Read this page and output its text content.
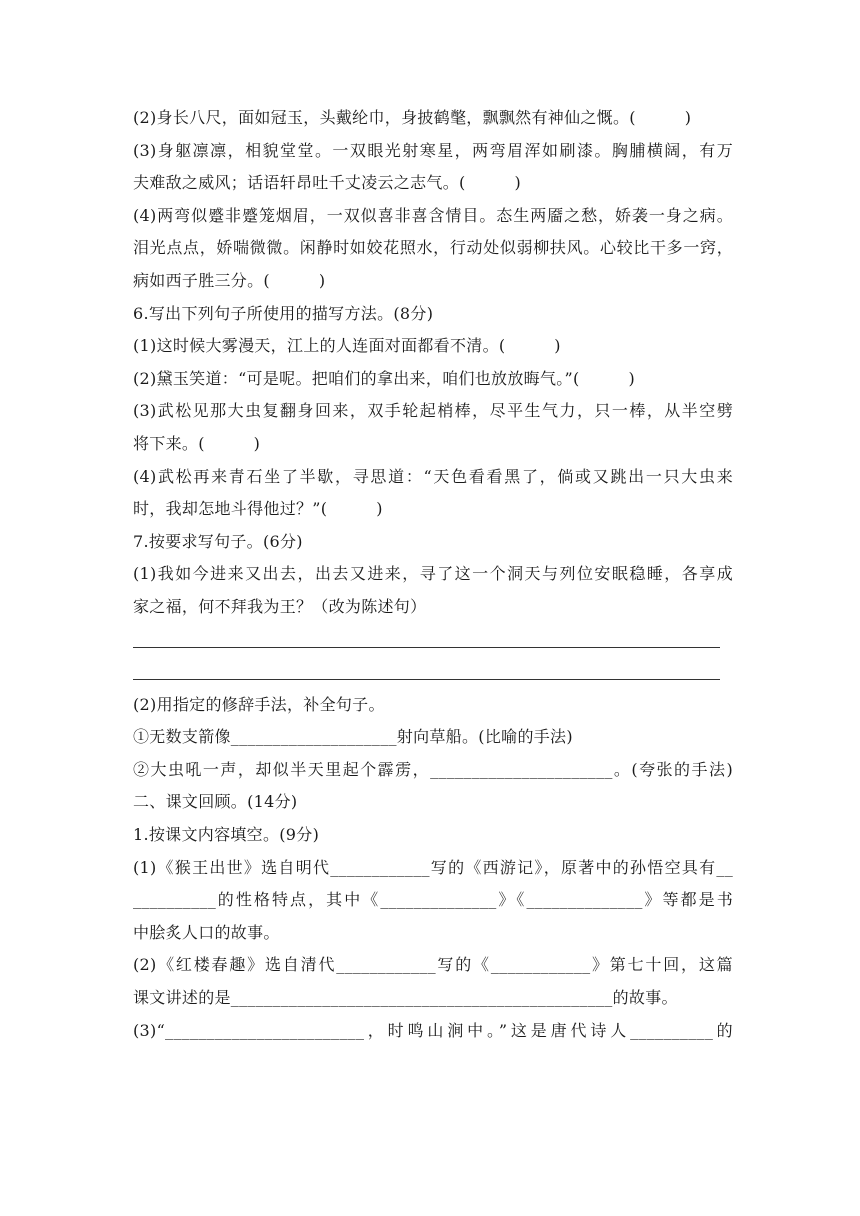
(2)身长八尺，面如冠玉，头戴纶巾，身披鹤氅，飘飘然有神仙之慨。(　　　)
(3)身躯凛凛，相貌堂堂。一双眼光射寒星，两弯眉浑如刷漆。胸脯横阔，有万
夫难敌之威风；话语轩昂吐千丈凌云之志气。(　　　)
(4)两弯似蹙非蹙笼烟眉，一双似喜非喜含情目。态生两靥之愁，娇袭一身之病。
泪光点点，娇喘微微。闲静时如姣花照水，行动处似弱柳扶风。心较比干多一窍，
病如西子胜三分。(　　　)
6.写出下列句子所使用的描写方法。(8分)
(1)这时候大雾漫天，江上的人连面对面都看不清。(　　　)
(2)黛玉笑道：“可是呢。把咱们的拿出来，咱们也放放晦气。”(　　　)
(3)武松见那大虫复翻身回来，双手轮起梢棒，尽平生气力，只一棒，从半空劈
将下来。(　　　)
(4)武松再来青石坐了半歇，寻思道：“天色看看黑了，倘或又跳出一只大虫来
时，我却怎地斗得他过？”(　　　)
7.按要求写句子。(6分)
(1)我如今进来又出去，出去又进来，寻了这一个洞天与列位安眠稳睡，各享成
家之福，何不拜我为王？（改为陈述句）
(2)用指定的修辞手法，补全句子。
①无数支箭像____________________射向草船。(比喻的手法)
②大虫吼一声，却似半天里起个霹雳，______________________。(夸张的手法)
二、课文回顾。(14分)
1.按课文内容填空。(9分)
(1)《猴王出世》选自明代____________写的《西游记》，原著中的孙悟空具有__
__________的性格特点，其中《______________》《______________》等都是书
中脍炙人口的故事。
(2)《红楼春趣》选自清代____________写的《____________》第七十回，这篇
课文讲述的是______________________________________________的故事。
(3)“________________________，时鸣山涧中。”这是唐代诗人__________的
